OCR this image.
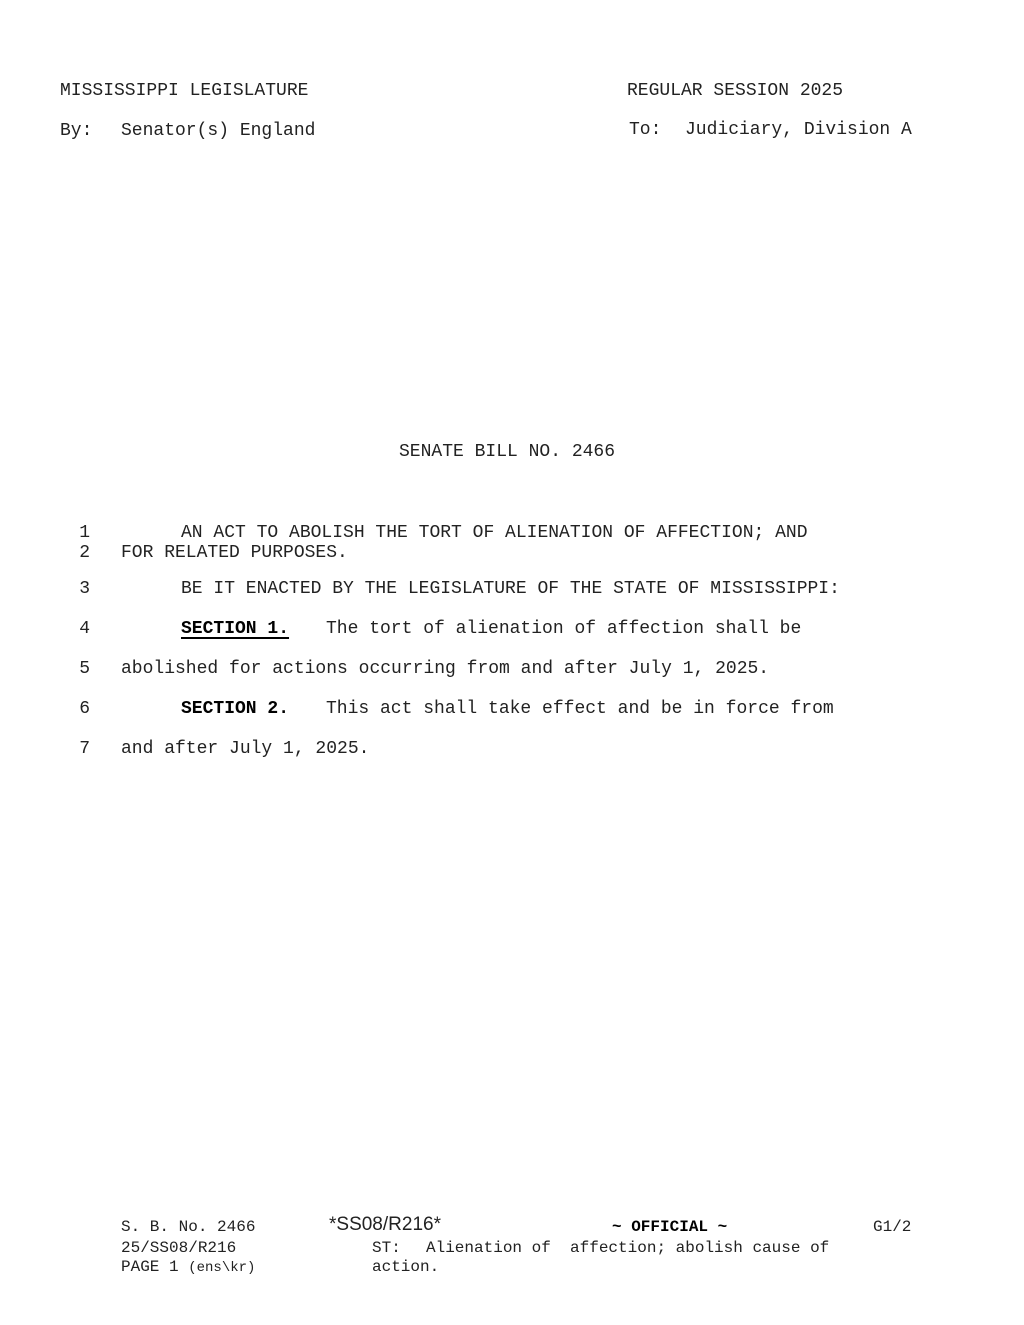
MISSISSIPPI LEGISLATURE	REGULAR SESSION 2025
By: Senator(s) England	To: Judiciary, Division A
SENATE BILL NO. 2466
1
2
3
4
5
6
7
AN ACT TO ABOLISH THE TORT OF ALIENATION OF AFFECTION; AND
FOR RELATED PURPOSES.
BE IT ENACTED BY THE LEGISLATURE OF THE STATE OF MISSISSIPPI:
SECTION 1. The tort of alienation of affection shall be
abolished for actions occurring from and after July 1, 2025.
SECTION 2. This act shall take effect and be in force from
and after July 1, 2025.
S. B. No. 2466
25/SS08/R216
PAGE 1 (ens\kr)
*SS08/R216*	~ OFFICIAL ~	G1/2
ST: Alienation of  affection; abolish cause of
action.
